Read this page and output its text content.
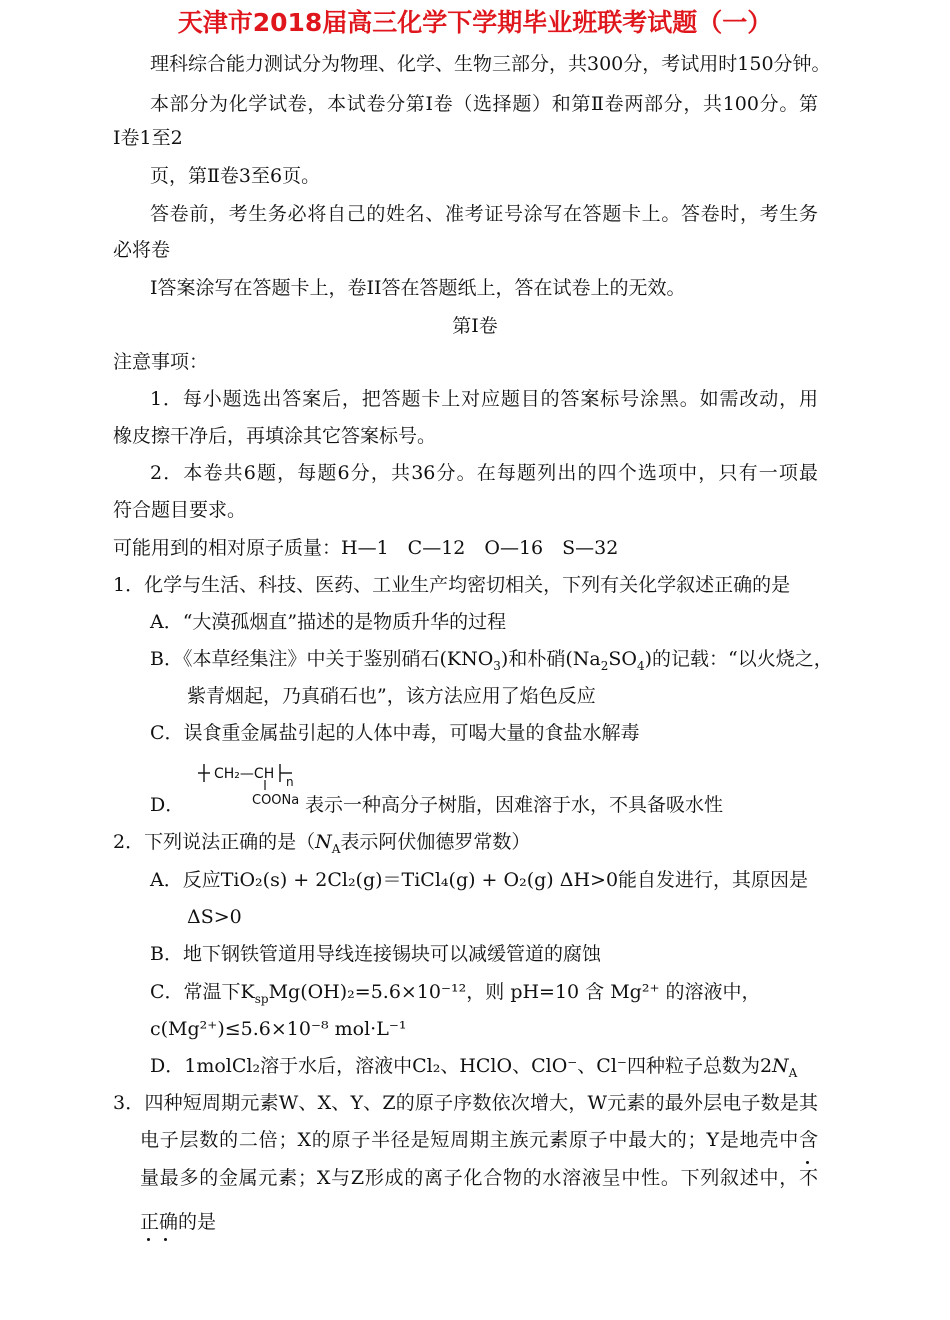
天津市2018届高三化学下学期毕业班联考试题（一）
理科综合能力测试分为物理、化学、生物三部分，共300分，考试用时150分钟。
本部分为化学试卷，本试卷分第Ⅰ卷（选择题）和第Ⅱ卷两部分，共100分。第
Ⅰ卷1至2
页，第Ⅱ卷3至6页。
答卷前，考生务必将自己的姓名、准考证号涂写在答题卡上。答卷时，考生务
必将卷
Ⅰ答案涂写在答题卡上，卷II答在答题纸上，答在试卷上的无效。
第Ⅰ卷
注意事项：
1．每小题选出答案后，把答题卡上对应题目的答案标号涂黑。如需改动，用
橡皮擦干净后，再填涂其它答案标号。
2．本卷共6题，每题6分，共36分。在每题列出的四个选项中，只有一项最
符合题目要求。
可能用到的相对原子质量：H—1　C—12　O—16　S—32
1．化学与生活、科技、医药、工业生产均密切相关，下列有关化学叙述正确的是
A．“大漠孤烟直”描述的是物质升华的过程
B．《本草经集注》中关于鉴别硝石$(KNO_3)$和朴硝$(Na_2SO_4)$的记载：“以火烧之，
紫青烟起，乃真硝石也”，该方法应用了焰色反应
C．误食重金属盐引起的人体中毒，可喝大量的食盐水解毒
CH₂—CH n
COONa
D．	表示一种高分子树脂，因难溶于水，不具备吸水性
2．下列说法正确的是（$N_A$表示阿伏伽德罗常数）
A．反应TiO₂(s) + 2Cl₂(g)＝TiCl₄(g) + O₂(g) ΔH>0能自发进行，其原因是
ΔS>0
B．地下钢铁管道用导线连接锡块可以减缓管道的腐蚀
C．常温下$K_{sp}Mg(OH)_2=5.6\times 10^{-12}$，则 pH=10 含 Mg²⁺ 的溶液中，
c(Mg²⁺)≤5.6×10⁻⁸ mol·L⁻¹
D．1molCl₂溶于水后，溶液中Cl₂、HClO、ClO⁻、Cl⁻四种粒子总数为$2N_A$
3．四种短周期元素W、X、Y、Z的原子序数依次增大，W元素的最外层电子数是其
电子层数的二倍；X的原子半径是短周期主族元素原子中最大的；Y是地壳中含
量最多的金属元素；X与Z形成的离子化合物的水溶液呈中性。下列叙述中，不
正确的是
